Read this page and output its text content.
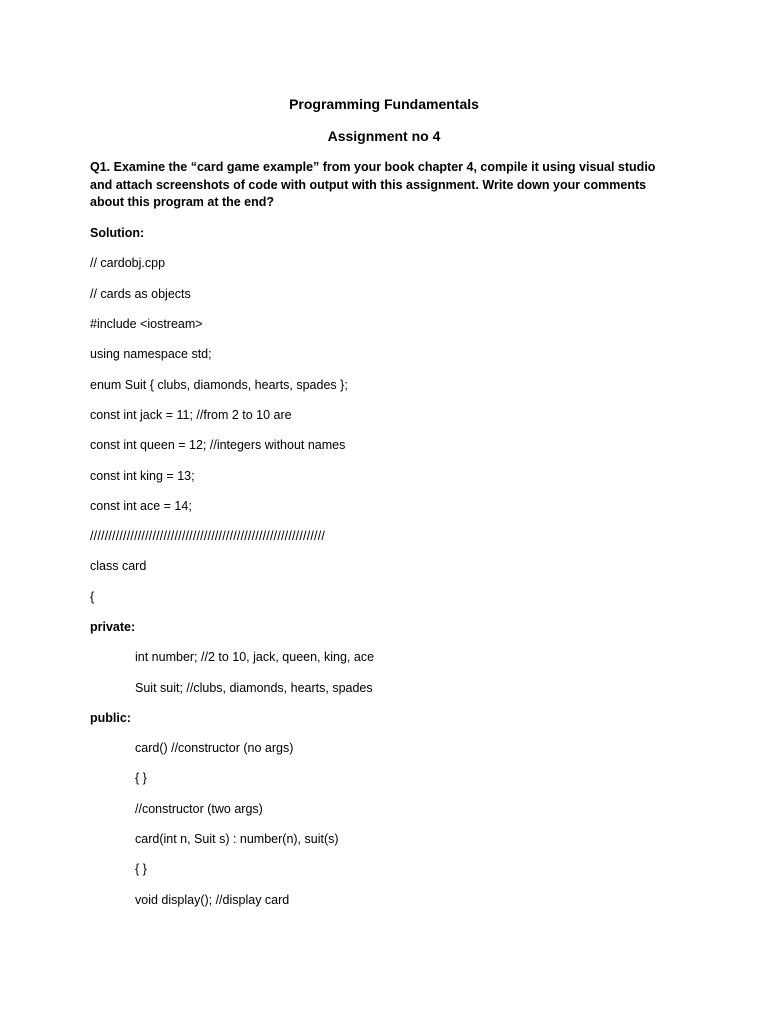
Programming Fundamentals
Assignment no 4
Q1. Examine the “card game example” from your book chapter 4, compile it using visual studio and attach screenshots of code with output with this assignment. Write down your comments about this program at the end?
Solution:
// cardobj.cpp
// cards as objects
#include <iostream>
using namespace std;
enum Suit { clubs, diamonds, hearts, spades };
const int jack = 11; //from 2 to 10 are
const int queen = 12; //integers without names
const int king = 13;
const int ace = 14;
////////////////////////////////////////////////////////////////
class card
{
private:
int number; //2 to 10, jack, queen, king, ace
Suit suit; //clubs, diamonds, hearts, spades
public:
card() //constructor (no args)
{ }
//constructor (two args)
card(int n, Suit s) : number(n), suit(s)
{ }
void display(); //display card
